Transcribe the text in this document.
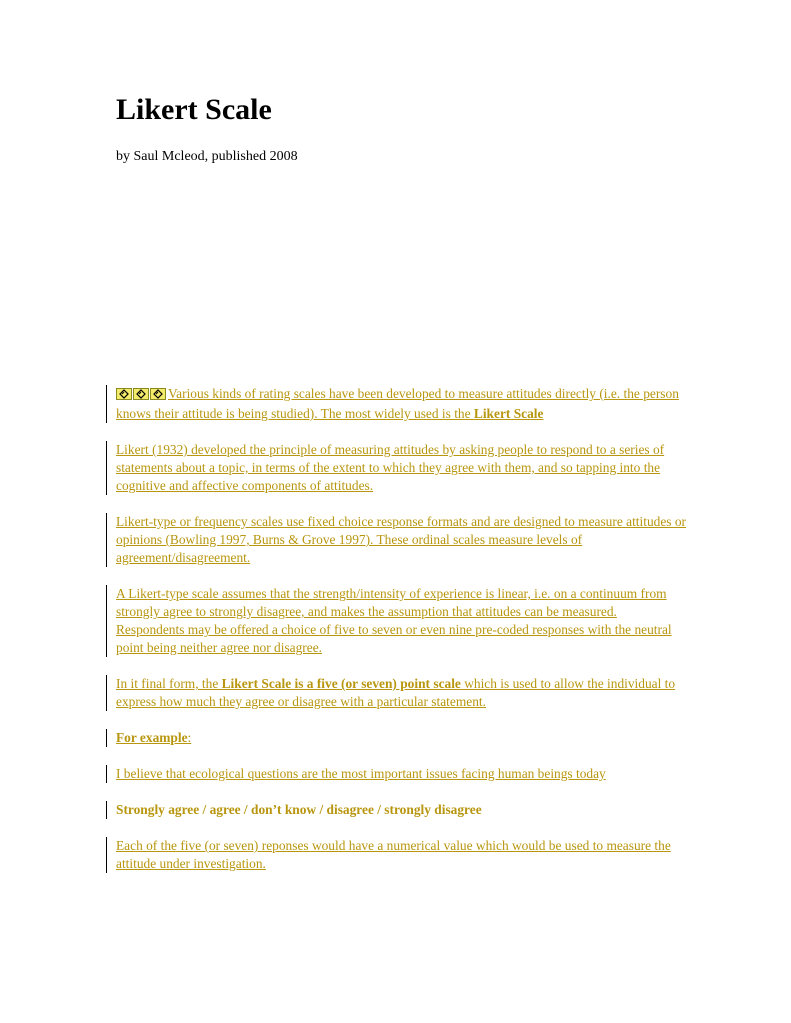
Likert Scale

by Saul Mcleod, published 2008

Various kinds of rating scales have been developed to measure attitudes directly (i.e. the person knows their attitude is being studied). The most widely used is the Likert Scale

Likert (1932) developed the principle of measuring attitudes by asking people to respond to a series of statements about a topic, in terms of the extent to which they agree with them, and so tapping into the cognitive and affective components of attitudes.

Likert-type or frequency scales use fixed choice response formats and are designed to measure attitudes or opinions (Bowling 1997, Burns & Grove 1997). These ordinal scales measure levels of agreement/disagreement.

A Likert-type scale assumes that the strength/intensity of experience is linear, i.e. on a continuum from strongly agree to strongly disagree, and makes the assumption that attitudes can be measured. Respondents may be offered a choice of five to seven or even nine pre-coded responses with the neutral point being neither agree nor disagree.

In it final form, the Likert Scale is a five (or seven) point scale which is used to allow the individual to express how much they agree or disagree with a particular statement.

For example:

I believe that ecological questions are the most important issues facing human beings today

Strongly agree / agree / don’t know / disagree / strongly disagree

Each of the five (or seven) reponses would have a numerical value which would be used to measure the attitude under investigation.
